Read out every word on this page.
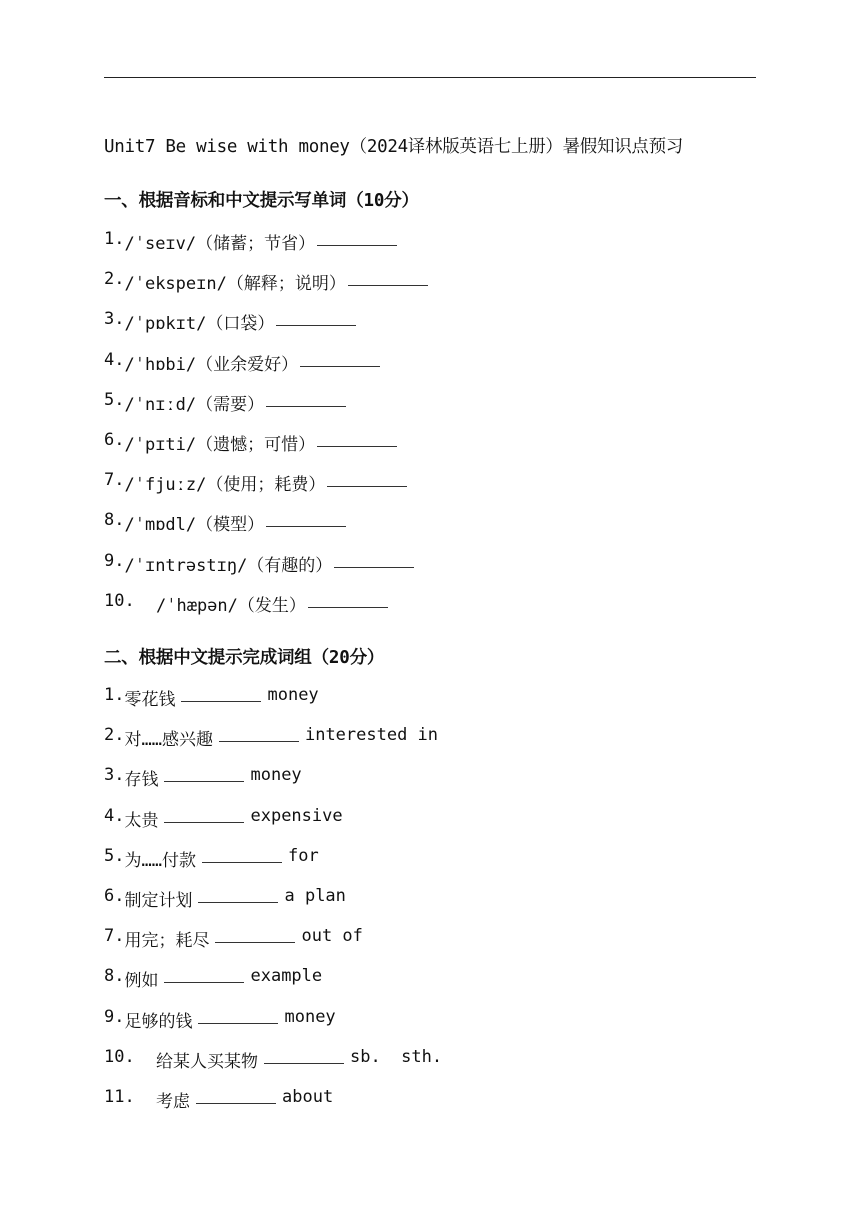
Unit7 Be wise with money（2024译林版英语七上册）暑假知识点预习
一、根据音标和中文提示写单词（10分）
1. /ˈseɪv/（储蓄；节省）
2. /ˈekspeɪn/（解释；说明）
3. /ˈpɒkɪt/（口袋）
4. /ˈhɒbi/（业余爱好）
5. /ˈnɪːd/（需要）
6. /ˈpɪti/（遗憾；可惜）
7. /ˈfjuːz/（使用；耗费）
8. /ˈmɒdl/（模型）
9. /ˈɪntrəstɪŋ/（有趣的）
10.	/ˈhæpən/（发生）
二、根据中文提示完成词组（20分）
1. 零花钱	money
2. 对……感兴趣	interested in
3. 存钱	money
4. 太贵	expensive
5. 为……付款	for
6. 制定计划	a plan
7. 用完；耗尽	out of
8. 例如	example
9. 足够的钱	money
10.	给某人买某物	sb.  sth.
11.	考虑	about
